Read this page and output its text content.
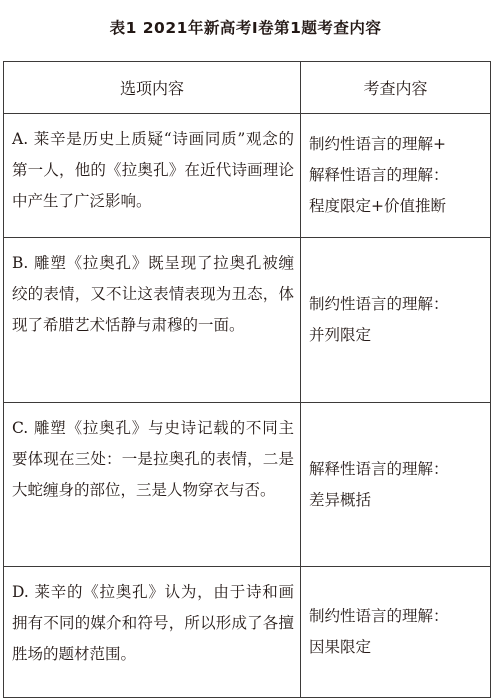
表1 2021年新高考Ⅰ卷第1题考查内容
选项内容	考查内容
A. 莱辛是历史上质疑“诗画同质”观念的第一人，他的《拉奥孔》在近代诗画理论中产生了广泛影响。	制约性语言的理解+
解释性语言的理解：
程度限定+价值推断

B. 雕塑《拉奥孔》既呈现了拉奥孔被缠绞的表情，又不让这表情表现为丑态，体现了希腊艺术恬静与肃穆的一面。	制约性语言的理解：
并列限定

C. 雕塑《拉奥孔》与史诗记载的不同主要体现在三处：一是拉奥孔的表情，二是大蛇缠身的部位，三是人物穿衣与否。	解释性语言的理解：
差异概括

D. 莱辛的《拉奥孔》认为，由于诗和画拥有不同的媒介和符号，所以形成了各擅胜场的题材范围。	制约性语言的理解：
因果限定
